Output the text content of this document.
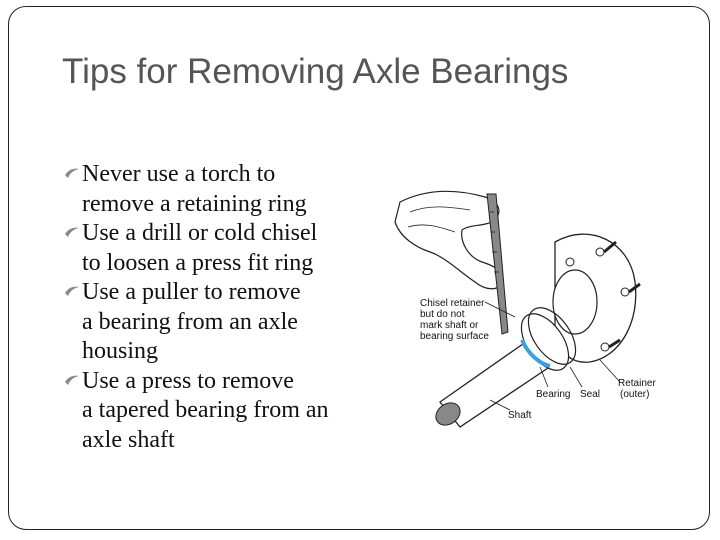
Tips for Removing Axle Bearings
Never use a torch to
remove a retaining ring
Use a drill or cold chisel
to loosen a press fit ring
Use a puller to remove
a bearing from an axle housing
Use a press to remove
a tapered bearing from an axle shaft
Chisel retainer
but do not
mark shaft or
bearing surface
Bearing Seal
Retainer
(outer)
Shaft
